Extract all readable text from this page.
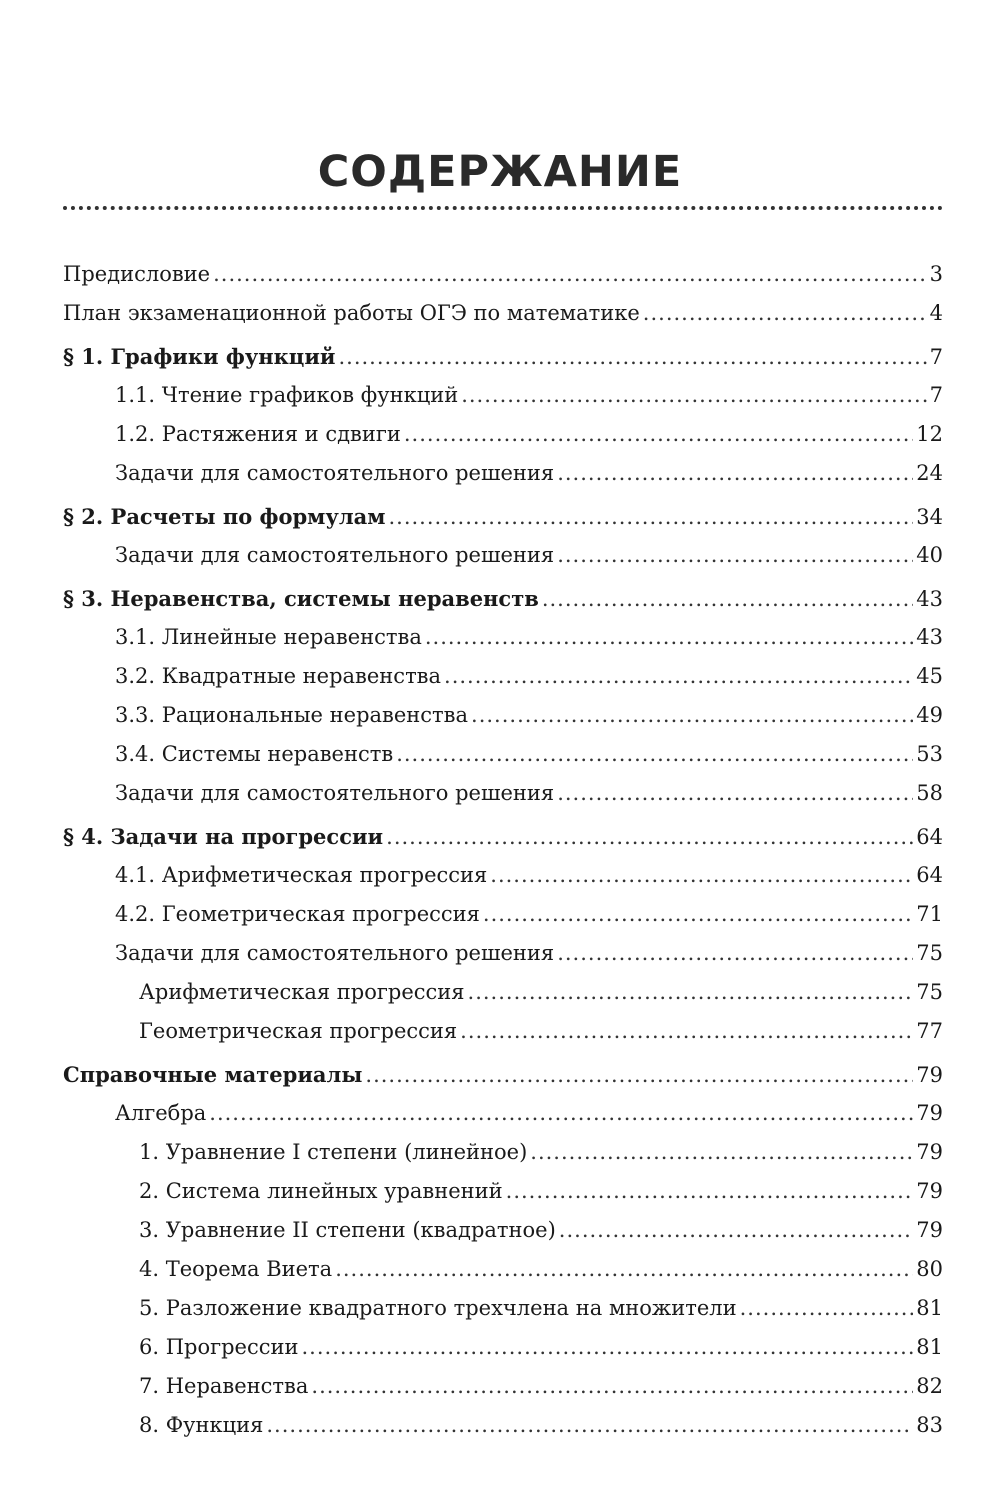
СОДЕРЖАНИЕ
Предисловие .....	3
План экзаменационной работы ОГЭ по математике .....	4
§ 1. Графики функций .....	7
1.1. Чтение графиков функций .....	7
1.2. Растяжения и сдвиги .....	12
Задачи для самостоятельного решения .....	24
§ 2. Расчеты по формулам .....	34
Задачи для самостоятельного решения .....	40
§ 3. Неравенства, системы неравенств .....	43
3.1. Линейные неравенства .....	43
3.2. Квадратные неравенства .....	45
3.3. Рациональные неравенства .....	49
3.4. Системы неравенств .....	53
Задачи для самостоятельного решения .....	58
§ 4. Задачи на прогрессии .....	64
4.1. Арифметическая прогрессия .....	64
4.2. Геометрическая прогрессия .....	71
Задачи для самостоятельного решения .....	75
Арифметическая прогрессия .....	75
Геометрическая прогрессия .....	77
Справочные материалы .....	79
Алгебра .....	79
1. Уравнение I степени (линейное) .....	79
2. Система линейных уравнений .....	79
3. Уравнение II степени (квадратное) .....	79
4. Теорема Виета .....	80
5. Разложение квадратного трехчлена на множители .....	81
6. Прогрессии .....	81
7. Неравенства .....	82
8. Функция .....	83
